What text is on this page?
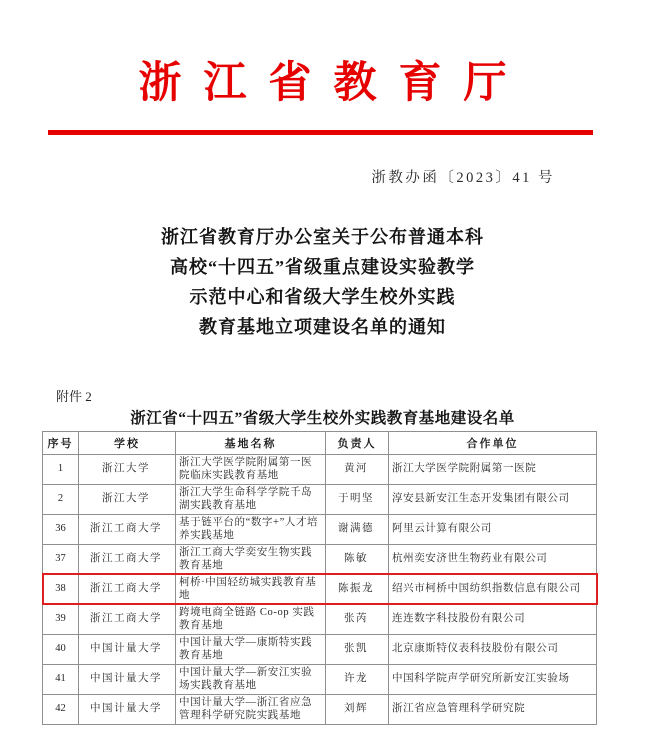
浙江省教育厅
浙教办函〔2023〕41 号
浙江省教育厅办公室关于公布普通本科
高校“十四五”省级重点建设实验教学
示范中心和省级大学生校外实践
教育基地立项建设名单的通知
附件 2
浙江省“十四五”省级大学生校外实践教育基地建设名单
序号	学校	基地名称	负责人	合作单位
1	浙江大学	浙江大学医学院附属第一医院临床实践教育基地	黄河	浙江大学医学院附属第一医院
2	浙江大学	浙江大学生命科学学院千岛湖实践教育基地	于明坚	淳安县新安江生态开发集团有限公司
36	浙江工商大学	基于链平台的“数字+”人才培养实践基地	谢满德	阿里云计算有限公司
37	浙江工商大学	浙江工商大学奕安生物实践教育基地	陈敏	杭州奕安济世生物药业有限公司
38	浙江工商大学	柯桥·中国轻纺城实践教育基地	陈振龙	绍兴市柯桥中国纺织指数信息有限公司
39	浙江工商大学	跨境电商全链路 Co-op 实践教育基地	张芮	连连数字科技股份有限公司
40	中国计量大学	中国计量大学—康斯特实践教育基地	张凯	北京康斯特仪表科技股份有限公司
41	中国计量大学	中国计量大学—新安江实验场实践教育基地	许龙	中国科学院声学研究所新安江实验场
42	中国计量大学	中国计量大学—浙江省应急管理科学研究院实践基地	刘辉	浙江省应急管理科学研究院
